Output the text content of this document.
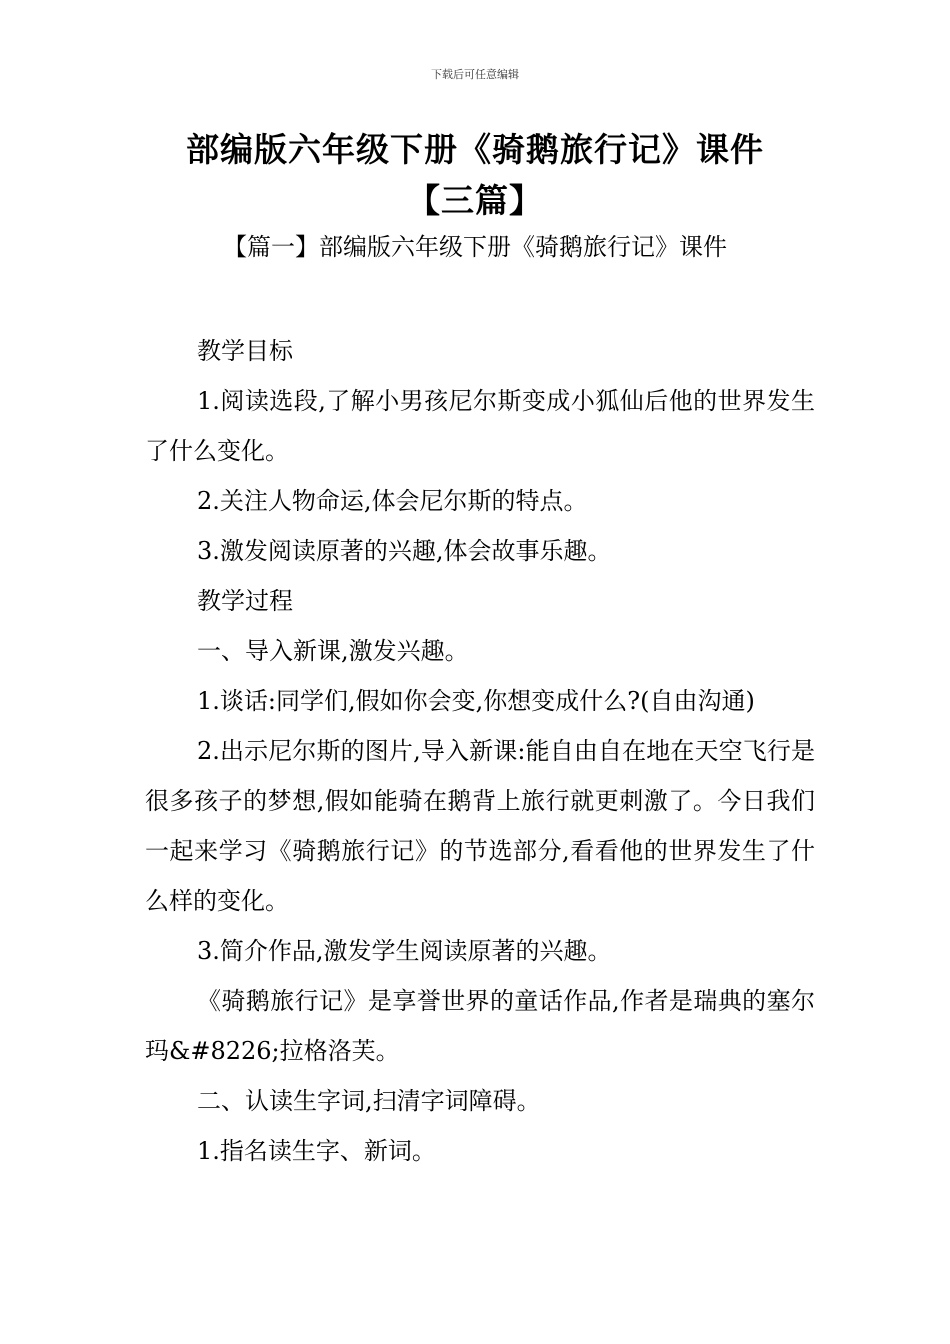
下载后可任意编辑
部编版六年级下册《骑鹅旅行记》课件
【三篇】
【篇一】部编版六年级下册《骑鹅旅行记》课件

教学目标

1.阅读选段,了解小男孩尼尔斯变成小狐仙后他的世界发生了什么变化。

2.关注人物命运,体会尼尔斯的特点。

3.激发阅读原著的兴趣,体会故事乐趣。

教学过程

一、导入新课,激发兴趣。

1.谈话:同学们,假如你会变,你想变成什么?(自由沟通)

2.出示尼尔斯的图片,导入新课:能自由自在地在天空飞行是很多孩子的梦想,假如能骑在鹅背上旅行就更刺激了。今日我们一起来学习《骑鹅旅行记》的节选部分,看看他的世界发生了什么样的变化。

3.简介作品,激发学生阅读原著的兴趣。

《骑鹅旅行记》是享誉世界的童话作品,作者是瑞典的塞尔玛&#8226;拉格洛芙。

二、认读生字词,扫清字词障碍。

1.指名读生字、新词。
